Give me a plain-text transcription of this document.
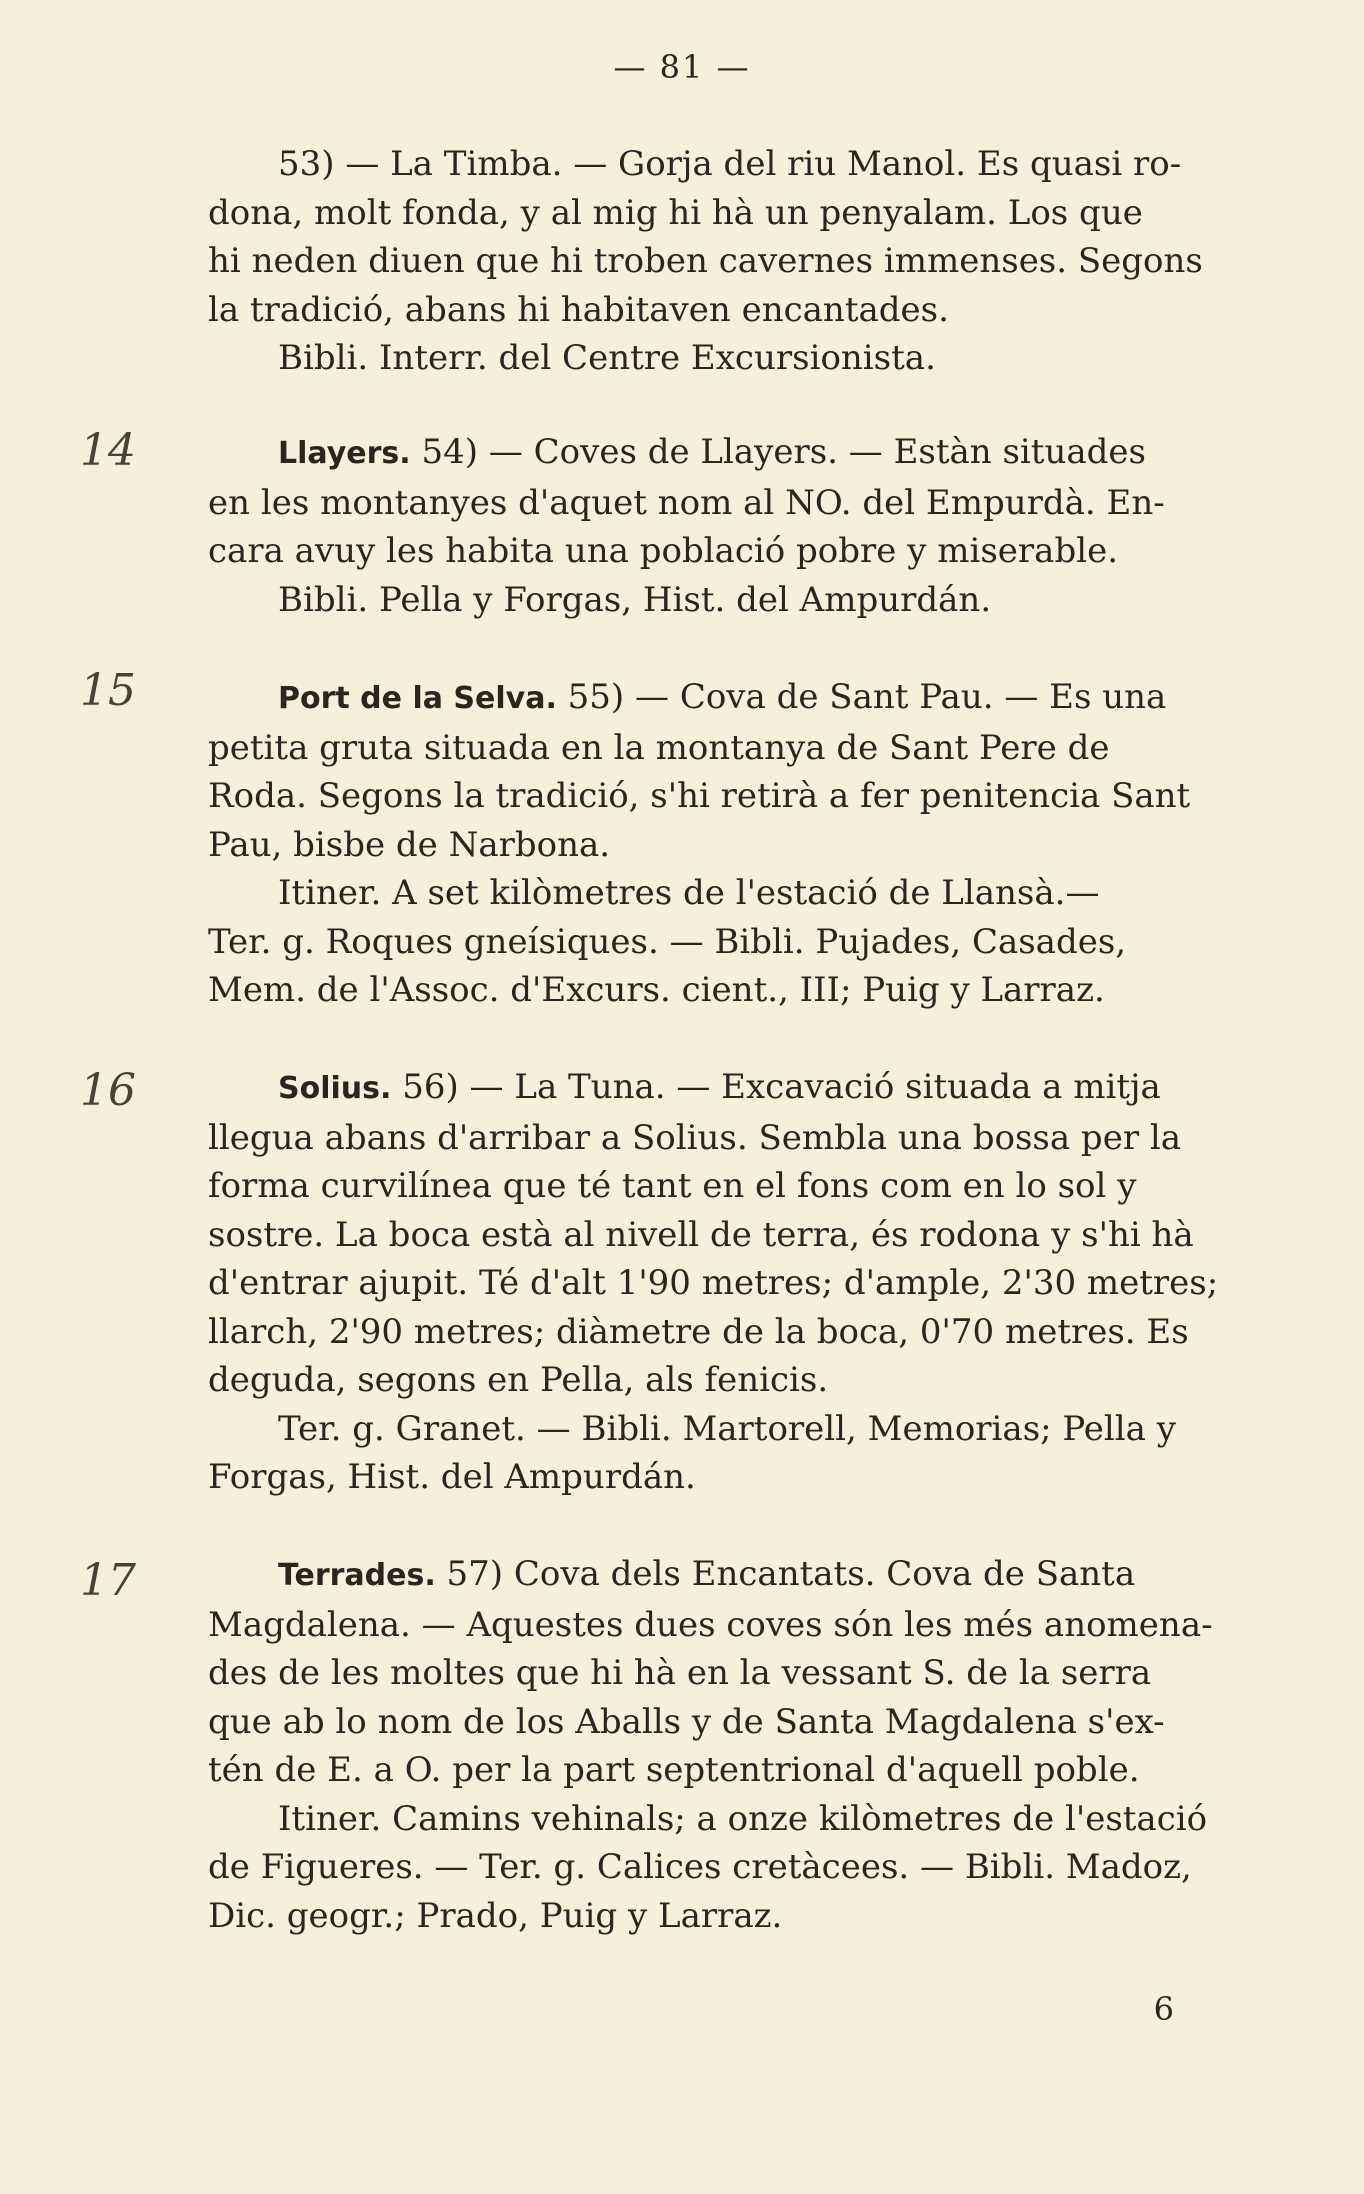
— 81 —
14
15
16
17

53) — La Timba. — Gorja del riu Manol. Es quasi ro-

dona, molt fonda, y al mig hi hà un penyalam. Los que

hi neden diuen que hi troben cavernes immenses. Segons

la tradició, abans hi habitaven encantades.

Bibli. Interr. del Centre Excursionista.

Llayers. 54) — Coves de Llayers. — Estàn situades

en les montanyes d'aquet nom al NO. del Empurdà. En-

cara avuy les habita una població pobre y miserable.

Bibli. Pella y Forgas, Hist. del Ampurdán.

Port de la Selva. 55) — Cova de Sant Pau. — Es una

petita gruta situada en la montanya de Sant Pere de

Roda. Segons la tradició, s'hi retirà a fer penitencia Sant

Pau, bisbe de Narbona.

Itiner. A set kilòmetres de l'estació de Llansà.—

Ter. g. Roques gneísiques. — Bibli. Pujades, Casades,

Mem. de l'Assoc. d'Excurs. cient., III; Puig y Larraz.

Solius. 56) — La Tuna. — Excavació situada a mitja

llegua abans d'arribar a Solius. Sembla una bossa per la

forma curvilínea que té tant en el fons com en lo sol y

sostre. La boca està al nivell de terra, és rodona y s'hi hà

d'entrar ajupit. Té d'alt 1'90 metres; d'ample, 2'30 metres;

llarch, 2'90 metres; diàmetre de la boca, 0'70 metres. Es

deguda, segons en Pella, als fenicis.

Ter. g. Granet. — Bibli. Martorell, Memorias; Pella y

Forgas, Hist. del Ampurdán.

Terrades. 57) Cova dels Encantats. Cova de Santa

Magdalena. — Aquestes dues coves són les més anomena-

des de les moltes que hi hà en la vessant S. de la serra

que ab lo nom de los Aballs y de Santa Magdalena s'ex-

tén de E. a O. per la part septentrional d'aquell poble.

Itiner. Camins vehinals; a onze kilòmetres de l'estació

de Figueres. — Ter. g. Calices cretàcees. — Bibli. Madoz,

Dic. geogr.; Prado, Puig y Larraz.

6
